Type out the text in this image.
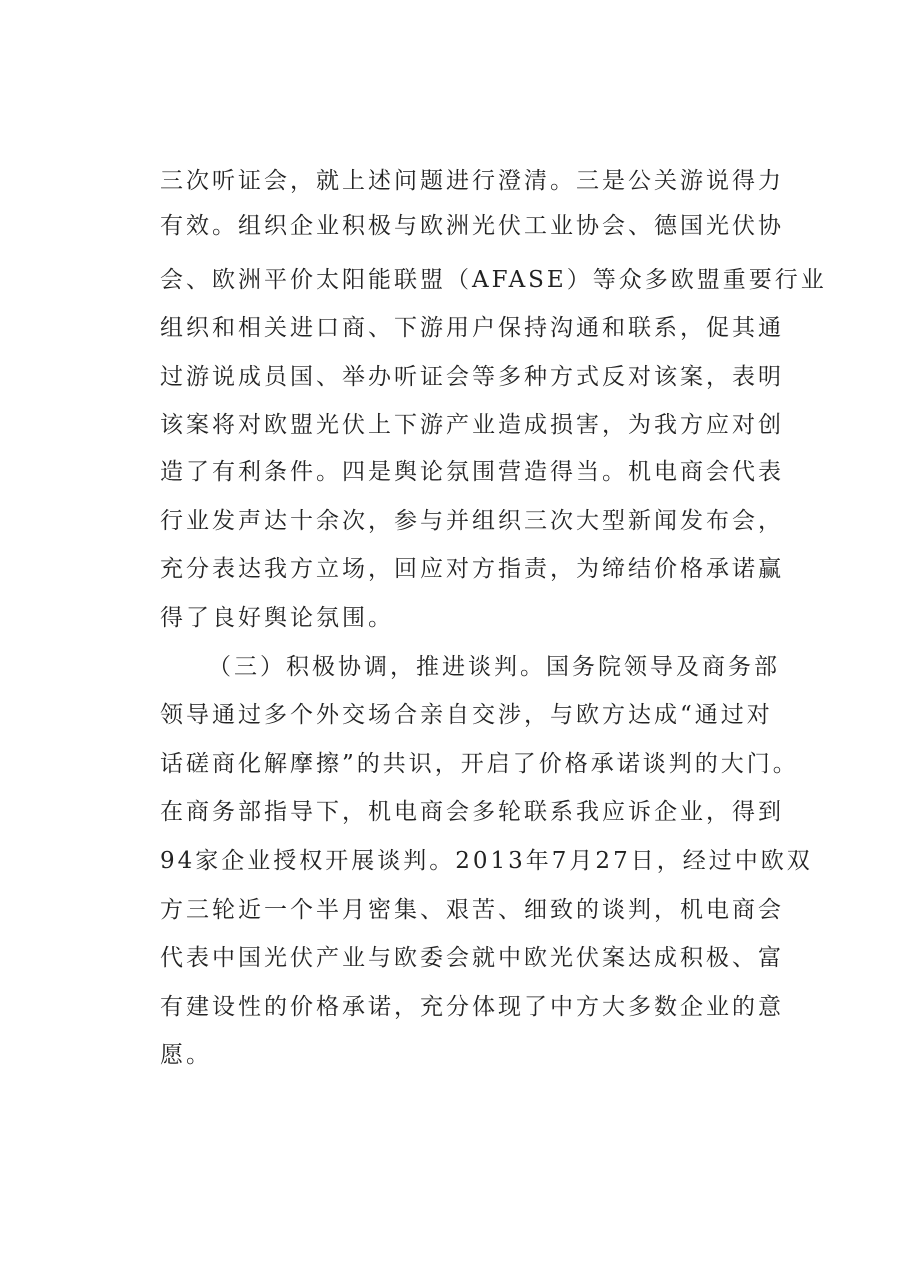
三次听证会，就上述问题进行澄清。三是公关游说得力
有效。组织企业积极与欧洲光伏工业协会、德国光伏协
会、欧洲平价太阳能联盟（AFASE）等众多欧盟重要行业
组织和相关进口商、下游用户保持沟通和联系，促其通
过游说成员国、举办听证会等多种方式反对该案，表明
该案将对欧盟光伏上下游产业造成损害，为我方应对创
造了有利条件。四是舆论氛围营造得当。机电商会代表
行业发声达十余次，参与并组织三次大型新闻发布会，
充分表达我方立场，回应对方指责，为缔结价格承诺赢
得了良好舆论氛围。
（三）积极协调，推进谈判。国务院领导及商务部
领导通过多个外交场合亲自交涉，与欧方达成“通过对
话磋商化解摩擦”的共识，开启了价格承诺谈判的大门。
在商务部指导下，机电商会多轮联系我应诉企业，得到
94家企业授权开展谈判。2013年7月27日，经过中欧双
方三轮近一个半月密集、艰苦、细致的谈判，机电商会
代表中国光伏产业与欧委会就中欧光伏案达成积极、富
有建设性的价格承诺，充分体现了中方大多数企业的意
愿。
